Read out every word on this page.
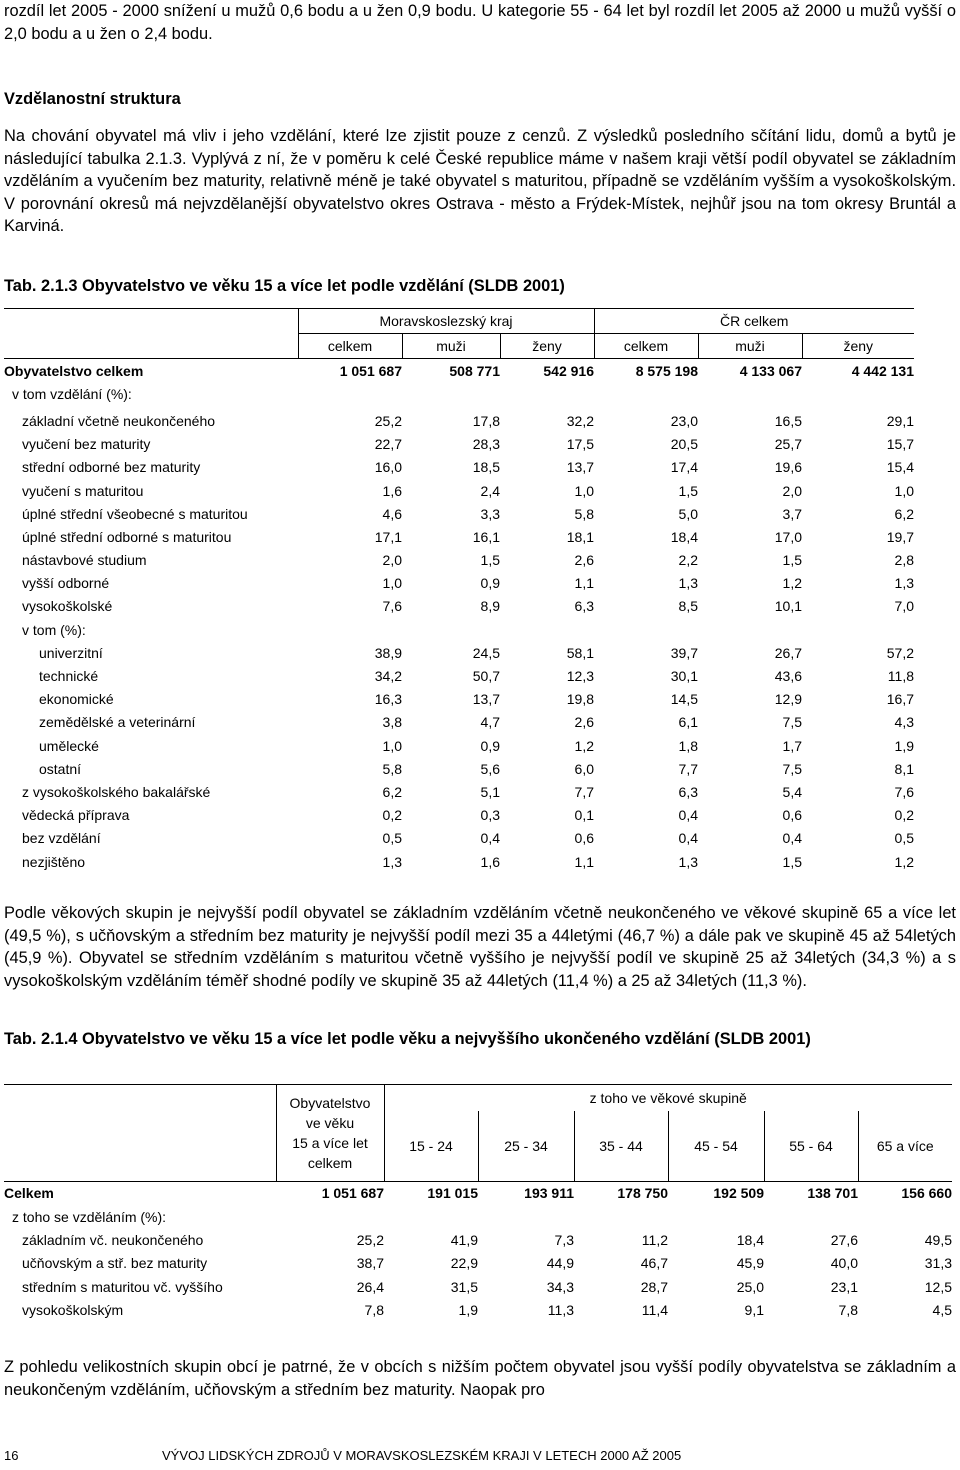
rozdíl let 2005 - 2000 snížení u mužů 0,6 bodu a u žen 0,9 bodu. U kategorie 55 - 64 let byl rozdíl let 2005 až 2000 u mužů vyšší o 2,0 bodu a u žen o 2,4 bodu.
Vzdělanostní struktura
Na chování obyvatel má vliv i jeho vzdělání, které lze zjistit pouze z cenzů. Z výsledků posledního sčítání lidu, domů a bytů je následující tabulka 2.1.3. Vyplývá z ní, že v poměru k celé České republice máme v našem kraji větší podíl obyvatel se základním vzděláním a vyučením bez maturity, relativně méně je také obyvatel s maturitou, případně se vzděláním vyšším a vysokoškolským. V porovnání okresů má nejvzdělanější obyvatelstvo okres Ostrava - město a Frýdek-Místek, nejhůř jsou na tom okresy Bruntál a Karviná.
Tab. 2.1.3 Obyvatelstvo ve věku 15 a více let podle vzdělání (SLDB 2001)
	Moravskoslezský kraj			ČR celkem		
	celkem	muži	ženy	celkem	muži	ženy
Obyvatelstvo celkem	1 051 687	508 771	542 916	8 575 198	4 133 067	4 442 131
v tom vzdělání (%):						

základní včetně neukončeného	25,2	17,8	32,2	23,0	16,5	29,1
vyučení bez maturity	22,7	28,3	17,5	20,5	25,7	15,7
střední odborné bez maturity	16,0	18,5	13,7	17,4	19,6	15,4
vyučení s maturitou	1,6	2,4	1,0	1,5	2,0	1,0
úplné střední všeobecné s maturitou	4,6	3,3	5,8	5,0	3,7	6,2
úplné střední odborné s maturitou	17,1	16,1	18,1	18,4	17,0	19,7
nástavbové studium	2,0	1,5	2,6	2,2	1,5	2,8
vyšší odborné	1,0	0,9	1,1	1,3	1,2	1,3
vysokoškolské	7,6	8,9	6,3	8,5	10,1	7,0
v tom (%):						
univerzitní	38,9	24,5	58,1	39,7	26,7	57,2
technické	34,2	50,7	12,3	30,1	43,6	11,8
ekonomické	16,3	13,7	19,8	14,5	12,9	16,7
zemědělské a veterinární	3,8	4,7	2,6	6,1	7,5	4,3
umělecké	1,0	0,9	1,2	1,8	1,7	1,9
ostatní	5,8	5,6	6,0	7,7	7,5	8,1
z vysokoškolského bakalářské	6,2	5,1	7,7	6,3	5,4	7,6
vědecká příprava	0,2	0,3	0,1	0,4	0,6	0,2
bez vzdělání	0,5	0,4	0,6	0,4	0,4	0,5
nezjištěno	1,3	1,6	1,1	1,3	1,5	1,2
Podle věkových skupin je nejvyšší podíl obyvatel se základním vzděláním včetně neukončeného ve věkové skupině 65 a více let (49,5 %), s učňovským a středním bez maturity je nejvyšší podíl mezi 35 a 44letými (46,7 %) a dále pak ve skupině 45 až 54letých (45,9 %). Obyvatel se středním vzděláním s maturitou včetně vyššího je nejvyšší podíl ve skupině 25 až 34letých (34,3 %) a s vysokoškolským vzděláním téměř shodné podíly ve skupině 35 až 44letých (11,4 %) a 25 až 34letých (11,3 %).
Tab. 2.1.4 Obyvatelstvo ve věku 15 a více let podle věku a nejvyššího ukončeného vzdělání (SLDB 2001)

	Obyvatelstvo
ve věku
15 a více let
celkem	z toho ve věkové skupině					
		15 - 24	25 - 34	35 - 44	45 - 54	55 - 64	65 a více
Celkem	1 051 687	191 015	193 911	178 750	192 509	138 701	156 660
z toho se vzděláním (%):							
základním vč. neukončeného	25,2	41,9	7,3	11,2	18,4	27,6	49,5
učňovským a stř. bez maturity	38,7	22,9	44,9	46,7	45,9	40,0	31,3
středním s maturitou vč. vyššího	26,4	31,5	34,3	28,7	25,0	23,1	12,5
vysokoškolským	7,8	1,9	11,3	11,4	9,1	7,8	4,5
Z pohledu velikostních skupin obcí je patrné, že v obcích s nižším počtem obyvatel jsou vyšší podíly obyvatelstva se základním a neukončeným vzděláním, učňovským a středním bez maturity. Naopak pro
16	VÝVOJ LIDSKÝCH ZDROJŮ V MORAVSKOSLEZSKÉM KRAJI V LETECH 2000 AŽ 2005
